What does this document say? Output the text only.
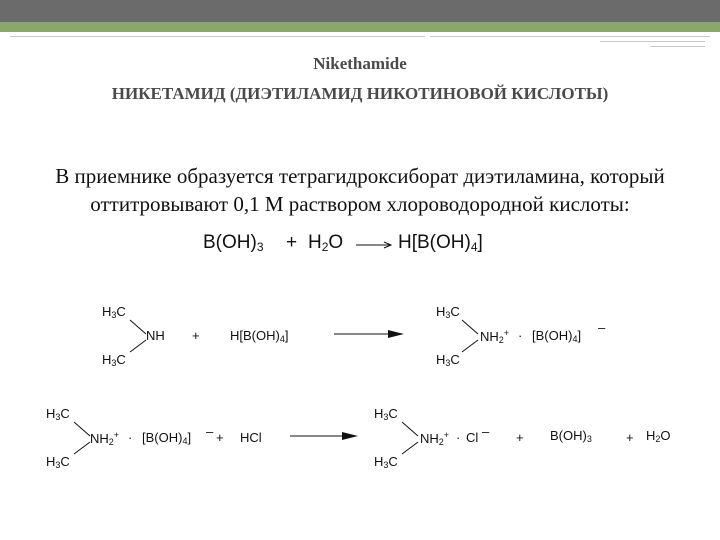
Nikethamide
НИКЕТАМИД (ДИЭТИЛАМИД НИКОТИНОВОЙ КИСЛОТЫ)
В приемнике образуется тетрагидроксиборат диэтиламина, который оттитровывают 0,1 М раствором хлороводородной кислоты:
$B(OH)_3 + H_2O$	$H[B(OH)_4]$
$H_3C$
NH
$H_3C$
+ $H[B(OH)_4]$
$H_3C$
$NH_2^+ \cdot [B(OH)_4]$
–
$H_3C$
$H_3C$
$NH_2^+ \cdot [B(OH)_4]$ – + HCl
$H_3C$
$H_3C$
$NH_2^+ \cdot Cl$ –
$H_3C$
+ $B(OH)_3$	+ $H_2O$
